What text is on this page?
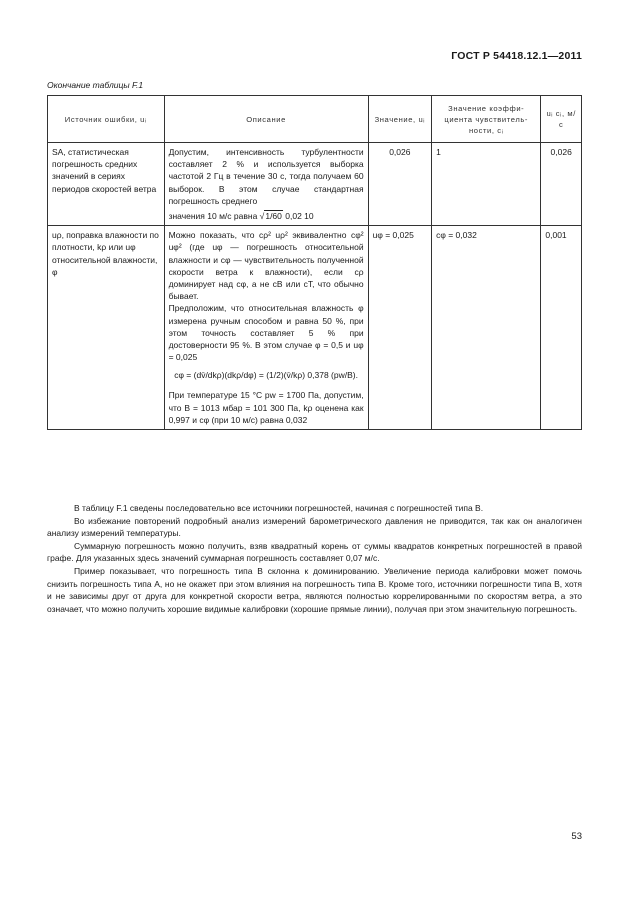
ГОСТ Р 54418.12.1—2011
Окончание таблицы F.1
Источник ошибки, uᵢ	Описание	Значение, uᵢ	Значение коэффи-циента чувствитель-ности, cᵢ	uᵢ cᵢ, м/с
SA, статистическая погрешность средних значений в сериях периодов скоростей ветра	Допустим, интенсивность турбулентности составляет 2 % и используется выборка частотой 2 Гц в течение 30 с, тогда получаем 60 выборок. В этом случае стандартная погрешность среднего
значения 10 м/с равна √1/60 0,02 10	0,026	1	0,026
uρ, поправка влажности по плотности, kρ или uφ относительной влажности, φ	Можно показать, что cρ² uρ² эквивалентно cφ² uφ² (где uφ — погрешность относительной влажности и cφ — чувствительность полученной скорости ветра к влажности), если cρ доминирует над cφ, а не cB или cT, что обычно бывает.
Предположим, что относительная влажность φ измерена ручным способом и равна 50 %, при этом точность составляет 5 % при достоверности 95 %. В этом случае φ = 0,5 и uφ = 0,025
cφ = (dv̄/dkρ)(dkρ/dφ) = (1/2)(v̄/kρ) 0,378 (pw/B).
При температуре 15 °C pw = 1700 Па, допустим, что B = 1013 мбар = 101 300 Па, kρ оценена как 0,997 и cφ (при 10 м/с) равна 0,032	uφ = 0,025	cφ = 0,032	0,001

В таблицу F.1 сведены последовательно все источники погрешностей, начиная с погрешностей типа B.

Во избежание повторений подробный анализ измерений барометрического давления не приводится, так как он аналогичен анализу измерений температуры.

Суммарную погрешность можно получить, взяв квадратный корень от суммы квадратов конкретных погрешностей в правой графе. Для указанных здесь значений суммарная погрешность составляет 0,07 м/с.

Пример показывает, что погрешность типа B склонна к доминированию. Увеличение периода калибровки может помочь снизить погрешность типа A, но не окажет при этом влияния на погрешность типа B. Кроме того, источники погрешности типа B, хотя и не зависимы друг от друга для конкретной скорости ветра, являются полностью коррелированными по скоростям ветра, а это означает, что можно получить хорошие видимые калибровки (хорошие прямые линии), получая при этом значительную погрешность.

53
